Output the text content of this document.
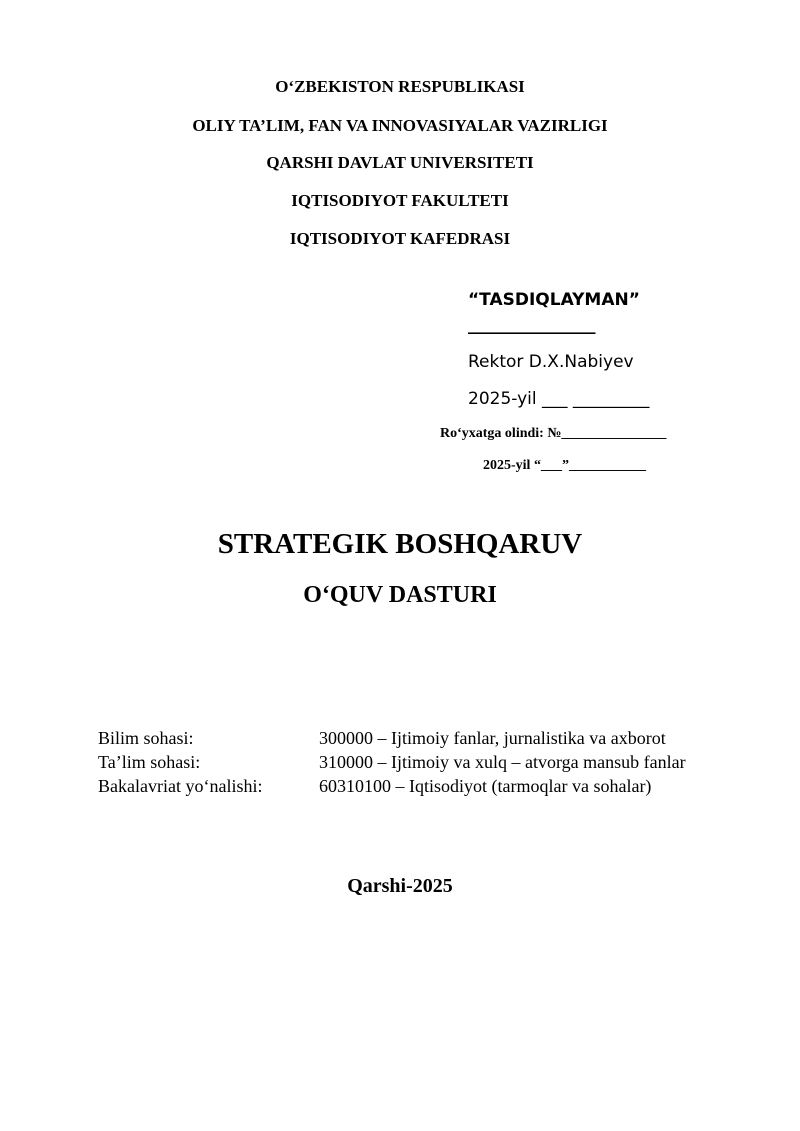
O‘ZBEKISTON RESPUBLIKASI
OLIY TA’LIM, FAN VA INNOVASIYALAR VAZIRLIGI
QARSHI DAVLAT UNIVERSITETI
IQTISODIYOT FAKULTETI
IQTISODIYOT KAFEDRASI
“TASDIQLAYMAN”
_______________
Rektor D.X.Nabiyev
2025-yil ___ _________
Ro‘yxatga olindi: №_______________
2025-yil “___”___________
STRATEGIK BOSHQARUV
O‘QUV DASTURI
Bilim sohasi:	300000 – Ijtimoiy fanlar, jurnalistika va axborot
Ta’lim sohasi:	310000 – Ijtimoiy va xulq – atvorga mansub fanlar
Bakalavriat yo‘nalishi:	60310100 – Iqtisodiyot (tarmoqlar va sohalar)
Qarshi-2025
